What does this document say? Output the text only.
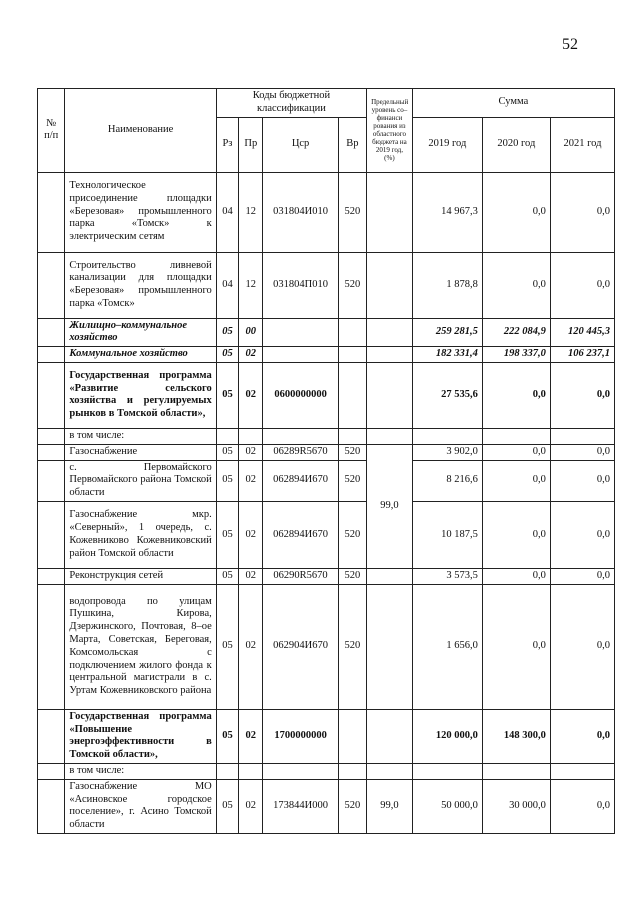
52
№ п/п	Наименование	Коды бюджетной классификации				Предельный уровень со–финанси рования из областного бюджета на 2019 год, (%)	Сумма		
		Рз	Пр	Цср	Вр		2019 год	2020 год	2021 год
	Технологическое присоединение площадки «Березовая» промышленного парка «Томск» к электрическим сетям	04	12	031804И010	520		14 967,3	0,0	0,0
	Строительство ливневой канализации для площадки «Березовая» промышленного парка «Томск»	04	12	031804П010	520		1 878,8	0,0	0,0
	Жилищно–коммунальное хозяйство	05	00				259 281,5	222 084,9	120 445,3
	Коммунальное хозяйство	05	02				182 331,4	198 337,0	106 237,1
	Государственная программа «Развитие сельского хозяйства и регулируемых рынков в Томской области»,	05	02	0600000000			27 535,6	0,0	0,0
	в том числе:								
	Газоснабжение	05	02	06289R5670	520	99,0	3 902,0	0,0	0,0
	с. Первомайского Первомайского района Томской области	05	02	062894И670	520		8 216,6	0,0	0,0
	Газоснабжение мкр. «Северный», 1 очередь, с. Кожевниково Кожевниковский район Томской области	05	02	062894И670	520		10 187,5	0,0	0,0
	Реконструкция сетей	05	02	06290R5670	520		3 573,5	0,0	0,0
	водопровода по улицам Пушкина, Кирова, Дзержинского, Почтовая, 8–ое Марта, Советская, Береговая, Комсомольская с подключением жилого фонда к центральной магистрали в с. Уртам Кожевниковского района	05	02	062904И670	520		1 656,0	0,0	0,0
	Государственная программа «Повышение энергоэффективности в Томской области»,	05	02	1700000000			120 000,0	148 300,0	0,0
	в том числе:								
	Газоснабжение МО «Асиновское городское поселение», г. Асино Томской области	05	02	173844И000	520	99,0	50 000,0	30 000,0	0,0
